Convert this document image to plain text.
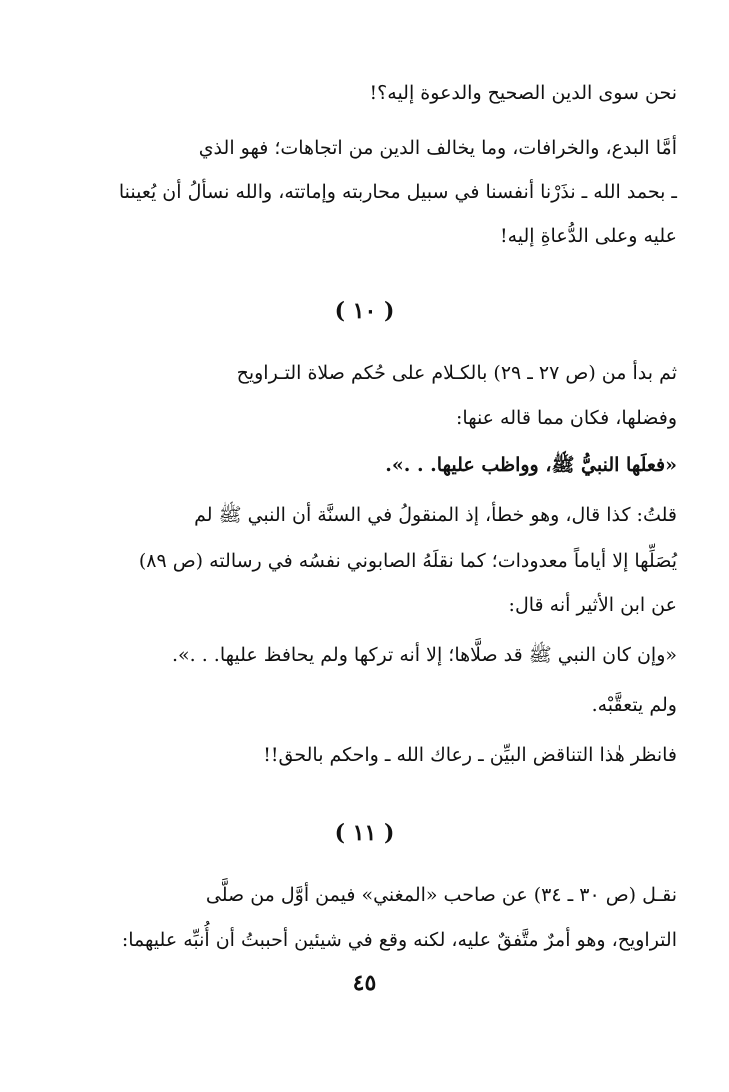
نحن سوى الدين الصحيح والدعوة إليه؟!
أمَّا البدع، والخرافات، وما يخالف الدين من اتجاهات؛ فهو الذي
ـ بحمد الله ـ نذَرْنا أنفسنا في سبيل محاربته وإماتته، والله نسألُ أن يُعيننا
عليه وعلى الدُّعاةِ إليه!
( ١٠ )
ثم بدأ من (ص ٢٧ ـ ٢٩) بالكـلام على حُكم صلاة التـراويح
وفضلها، فكان مما قاله عنها:
«فعلَها النبيُّ ﷺ، وواظب عليها. . .».
قلتُ: كذا قال، وهو خطأ، إذ المنقولُ في السنَّة أن النبي ﷺ لم
يُصَلِّها إلا أياماً معدودات؛ كما نقلَهُ الصابوني نفسُه في رسالته (ص ٨٩)
عن ابن الأثير أنه قال:
«وإن كان النبي ﷺ قد صلَّاها؛ إلا أنه تركها ولم يحافظ عليها. . .».
ولم يتعقَّبْه.
فانظر هٰذا التناقض البيِّن ـ رعاك الله ـ واحكم بالحق!!
( ١١ )
نقـل (ص ٣٠ ـ ٣٤) عن صاحب «المغني» فيمن أوَّل من صلَّى
التراويح، وهو أمرٌ متَّفقٌ عليه، لكنه وقع في شيئين أحببتُ أن أُنبِّه عليهما:
٤٥
